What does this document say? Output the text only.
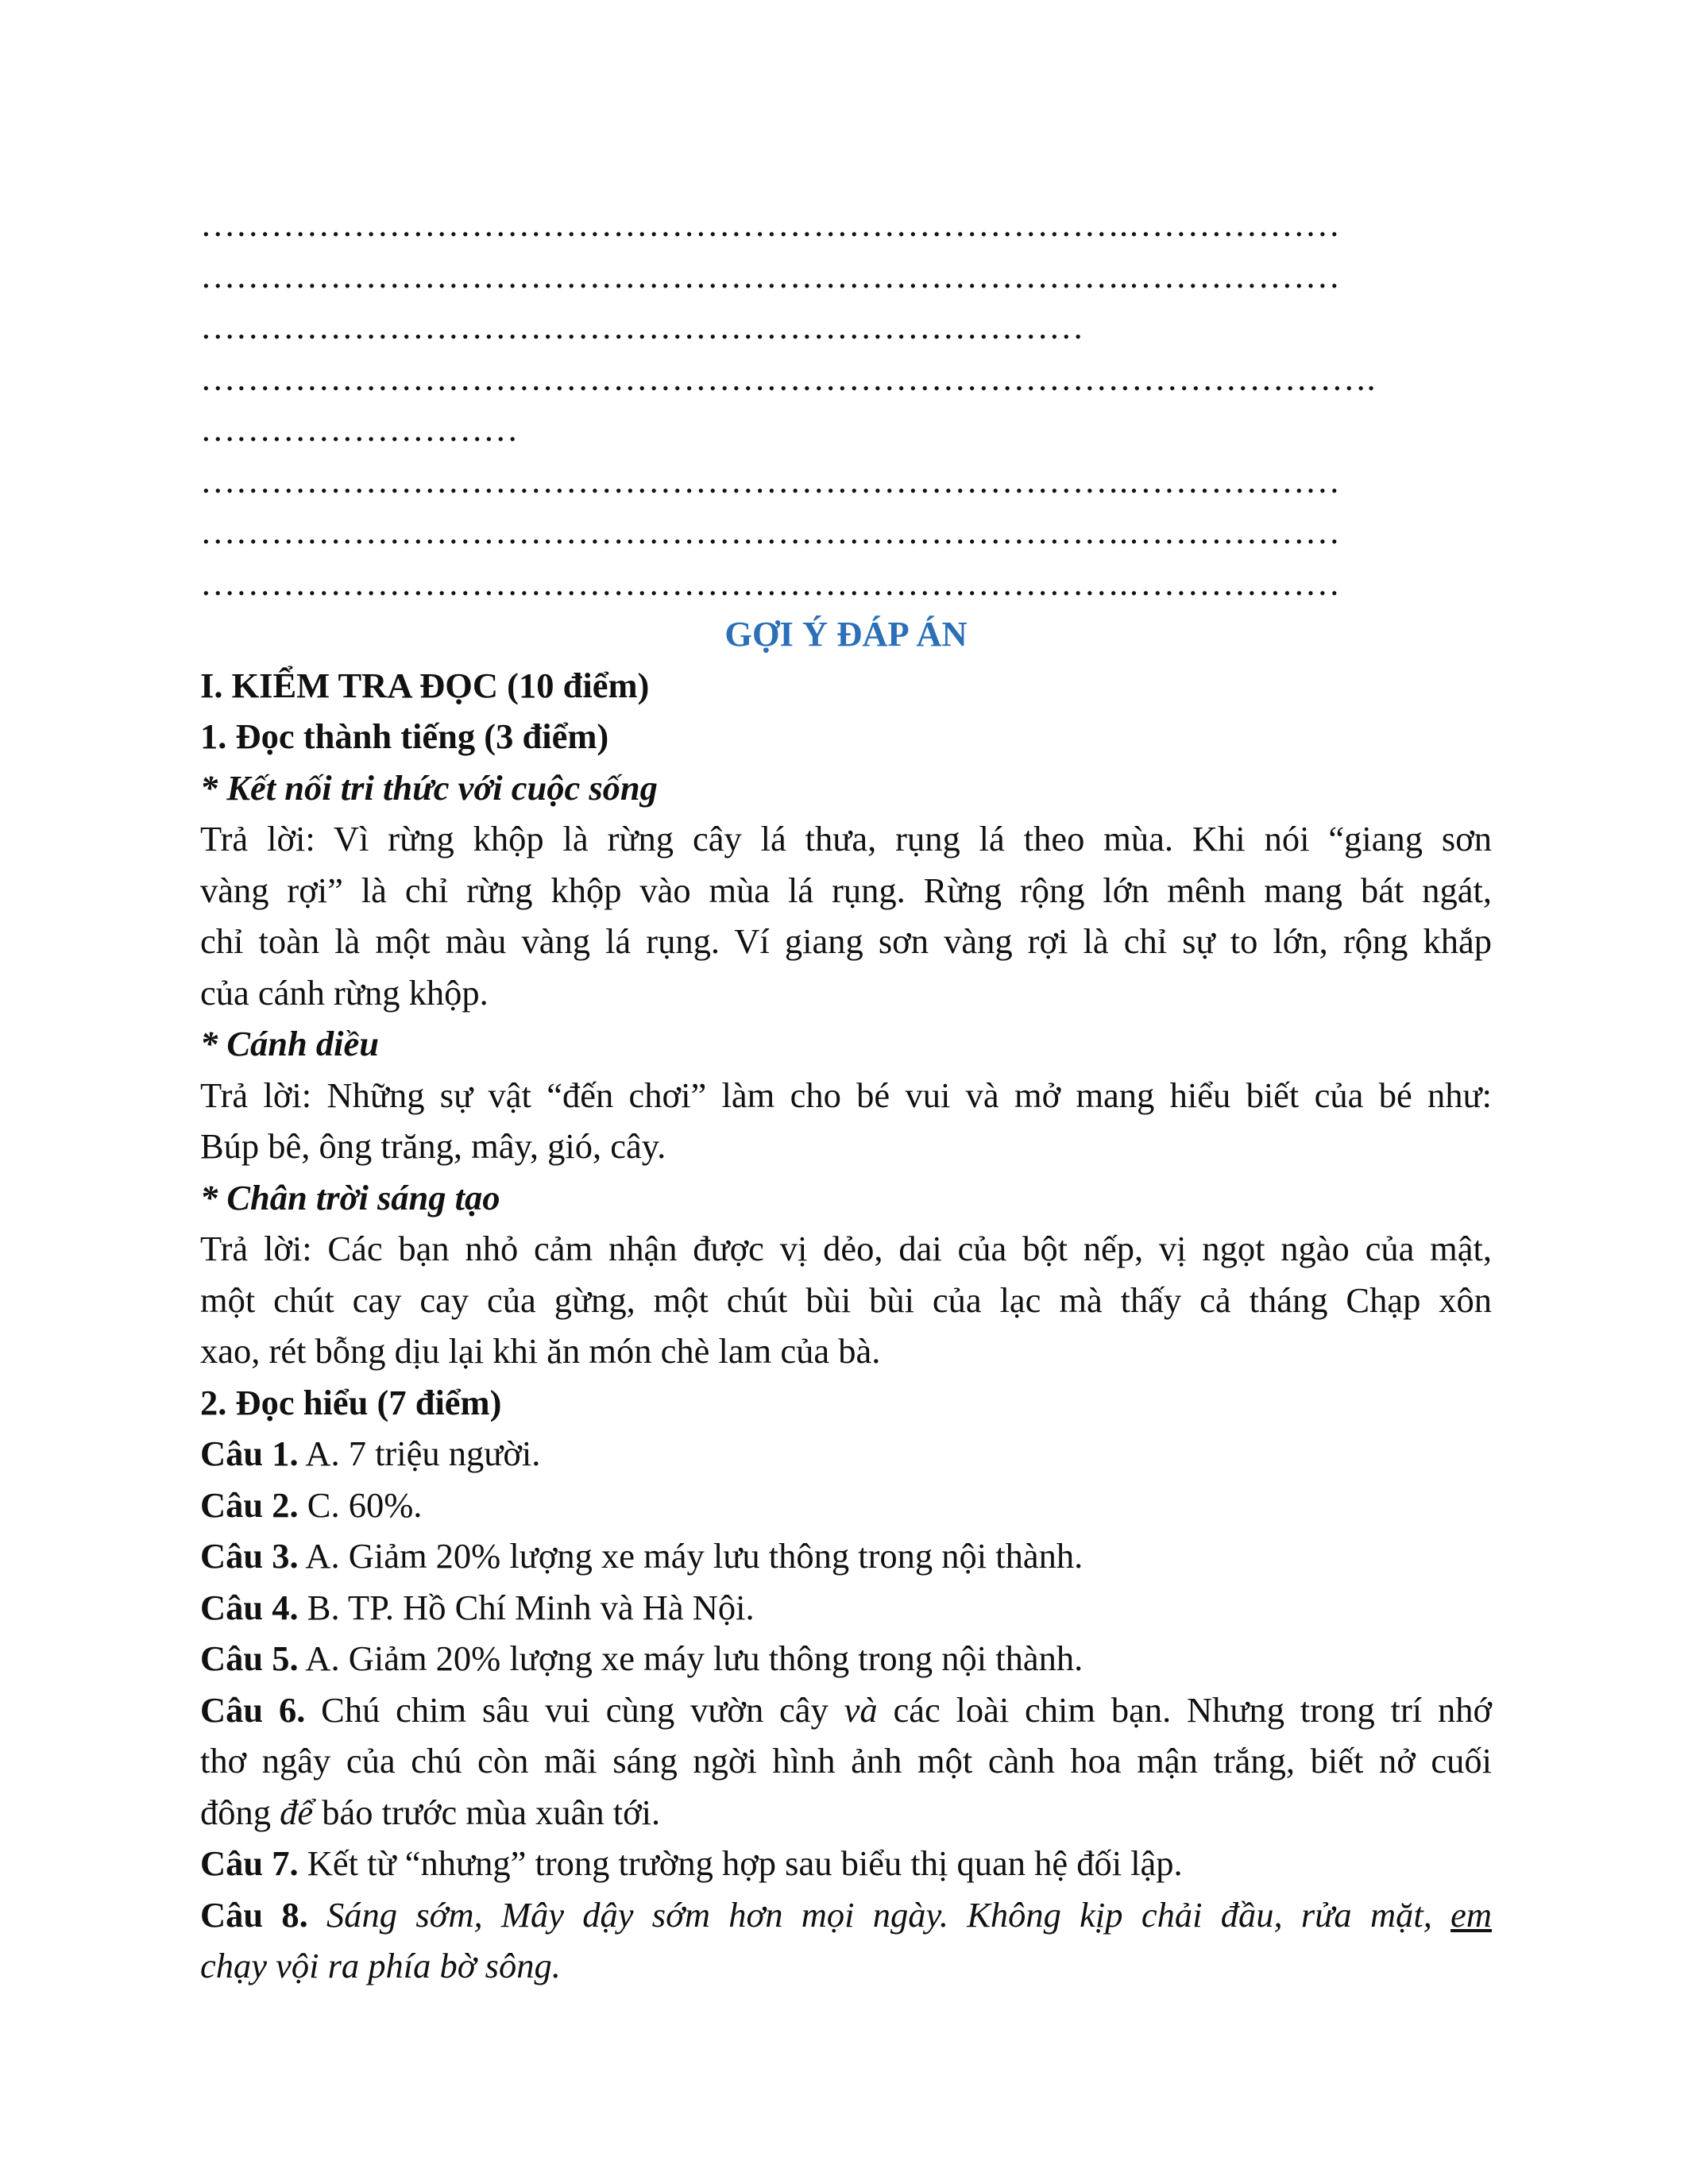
…………………………………………………………………….………………
…………………………………………………………………….………………
…………………………………………………………………
……………………………………………………………………………………….
………………………
…………………………………………………………………….………………
…………………………………………………………………….………………
…………………………………………………………………….………………
GỢI Ý ĐÁP ÁN
I. KIỂM TRA ĐỌC (10 điểm)
1. Đọc thành tiếng (3 điểm)
* Kết nối tri thức với cuộc sống
Trả lời: Vì rừng khộp là rừng cây lá thưa, rụng lá theo mùa. Khi nói “giang sơn
vàng rợi” là chỉ rừng khộp vào mùa lá rụng. Rừng rộng lớn mênh mang bát ngát,
chỉ toàn là một màu vàng lá rụng. Ví giang sơn vàng rợi là chỉ sự to lớn, rộng khắp
của cánh rừng khộp.
* Cánh diều
Trả lời: Những sự vật “đến chơi” làm cho bé vui và mở mang hiểu biết của bé như:
Búp bê, ông trăng, mây, gió, cây.
* Chân trời sáng tạo
Trả lời: Các bạn nhỏ cảm nhận được vị dẻo, dai của bột nếp, vị ngọt ngào của mật,
một chút cay cay của gừng, một chút bùi bùi của lạc mà thấy cả tháng Chạp xôn
xao, rét bỗng dịu lại khi ăn món chè lam của bà.
2. Đọc hiểu (7 điểm)
Câu 1. A. 7 triệu người.
Câu 2. C. 60%.
Câu 3. A. Giảm 20% lượng xe máy lưu thông trong nội thành.
Câu 4. B. TP. Hồ Chí Minh và Hà Nội.
Câu 5. A. Giảm 20% lượng xe máy lưu thông trong nội thành.
Câu 6. Chú chim sâu vui cùng vườn cây và các loài chim bạn. Nhưng trong trí nhớ
thơ ngây của chú còn mãi sáng ngời hình ảnh một cành hoa mận trắng, biết nở cuối
đông để báo trước mùa xuân tới.
Câu 7. Kết từ “nhưng” trong trường hợp sau biểu thị quan hệ đối lập.
Câu 8. Sáng sớm, Mây dậy sớm hơn mọi ngày. Không kịp chải đầu, rửa mặt, em
chạy vội ra phía bờ sông.
